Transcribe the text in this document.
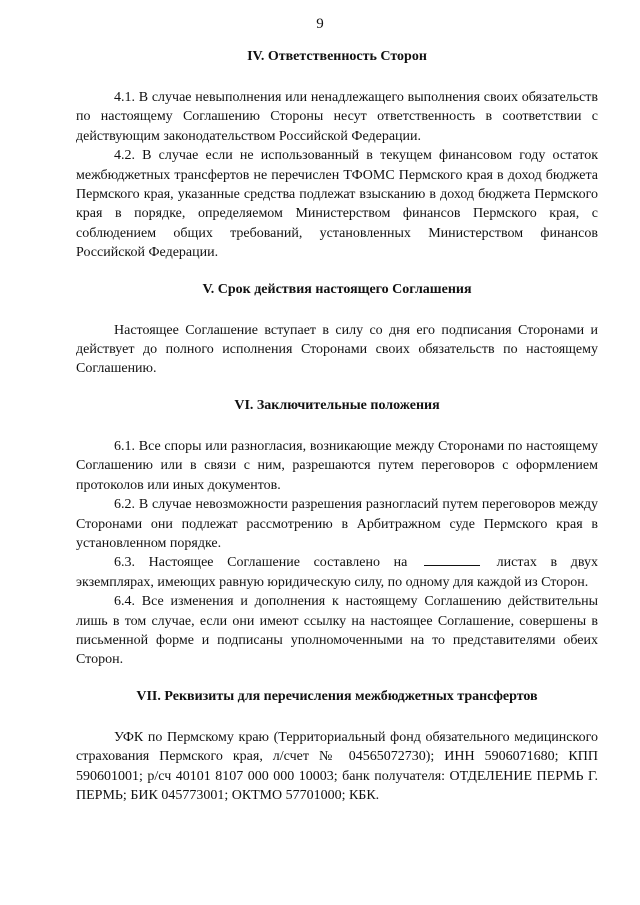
9

IV. Ответственность Сторон

4.1. В случае невыполнения или ненадлежащего выполнения своих обязательств по настоящему Соглашению Стороны несут ответственность в соответствии с действующим законодательством Российской Федерации.

4.2. В случае если не использованный в текущем финансовом году остаток межбюджетных трансфертов не перечислен ТФОМС Пермского края в доход бюджета Пермского края, указанные средства подлежат взысканию в доход бюджета Пермского края в порядке, определяемом Министерством финансов Пермского края, с соблюдением общих требований, установленных Министерством финансов Российской Федерации.

V. Срок действия настоящего Соглашения

Настоящее Соглашение вступает в силу со дня его подписания Сторонами и действует до полного исполнения Сторонами своих обязательств по настоящему Соглашению.

VI. Заключительные положения

6.1. Все споры или разногласия, возникающие между Сторонами по настоящему Соглашению или в связи с ним, разрешаются путем переговоров с оформлением протоколов или иных документов.

6.2. В случае невозможности разрешения разногласий путем переговоров между Сторонами они подлежат рассмотрению в Арбитражном суде Пермского края в установленном порядке.

6.3. Настоящее Соглашение составлено на	листах в двух экземплярах, имеющих равную юридическую силу, по одному для каждой из Сторон.

6.4. Все изменения и дополнения к настоящему Соглашению действительны лишь в том случае, если они имеют ссылку на настоящее Соглашение, совершены в письменной форме и подписаны уполномоченными на то представителями обеих Сторон.

VII. Реквизиты для перечисления межбюджетных трансфертов

УФК по Пермскому краю (Территориальный фонд обязательного медицинского страхования Пермского края, л/счет № 04565072730); ИНН 5906071680; КПП 590601001; р/сч 40101 8107 000 000 10003; банк получателя: ОТДЕЛЕНИЕ ПЕРМЬ Г. ПЕРМЬ; БИК 045773001; ОКТМО 57701000; КБК.
